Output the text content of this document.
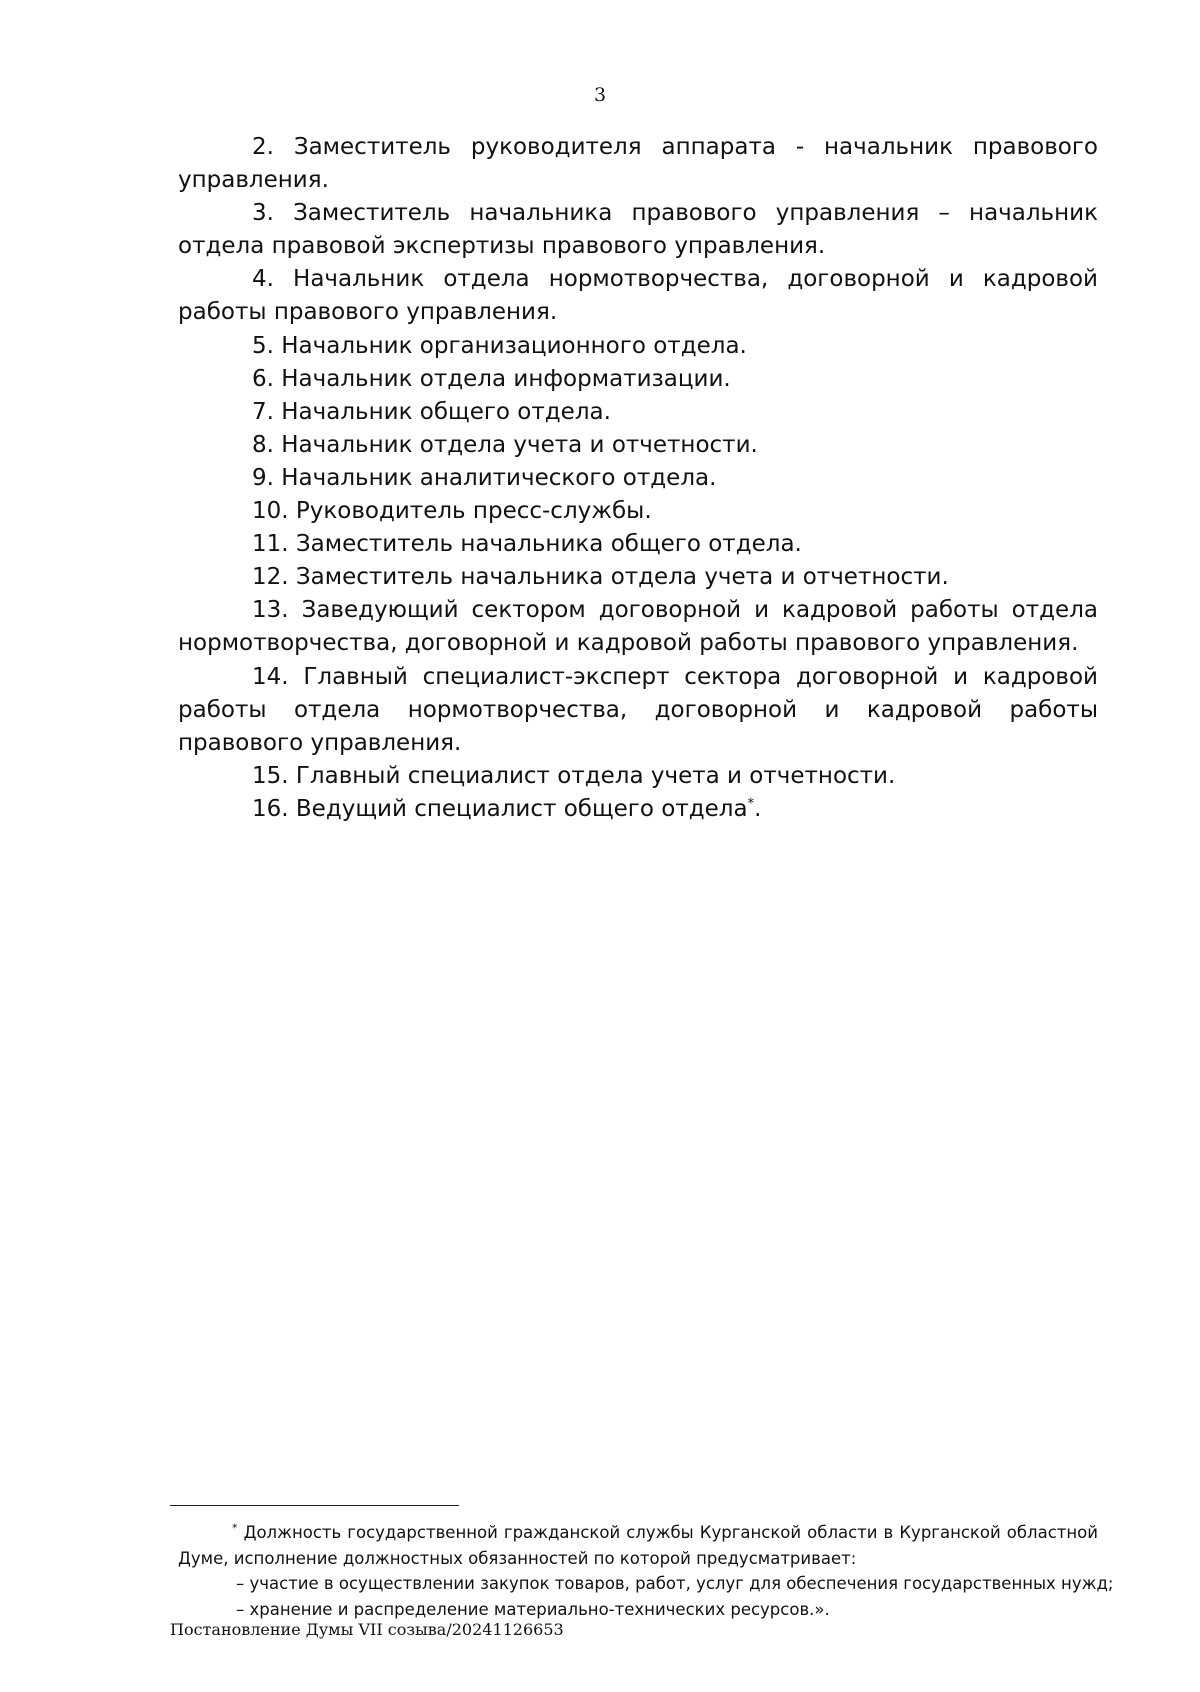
3

2. Заместитель руководителя аппарата - начальник правового управления.

3. Заместитель начальника правового управления – начальник отдела правовой экспертизы правового управления.

4. Начальник отдела нормотворчества, договорной и кадровой работы правового управления.

5. Начальник организационного отдела.

6. Начальник отдела информатизации.

7. Начальник общего отдела.

8. Начальник отдела учета и отчетности.

9. Начальник аналитического отдела.

10. Руководитель пресс-службы.

11. Заместитель начальника общего отдела.

12. Заместитель начальника отдела учета и отчетности.

13. Заведующий сектором договорной и кадровой работы отдела нормотворчества, договорной и кадровой работы правового управления.

14. Главный специалист-эксперт сектора договорной и кадровой работы отдела нормотворчества, договорной и кадровой работы правового управления.

15. Главный специалист отдела учета и отчетности.

16. Ведущий специалист общего отдела*.

* Должность государственной гражданской службы Курганской области в Курганской областной Думе, исполнение должностных обязанностей по которой предусматривает:

– участие в осуществлении закупок товаров, работ, услуг для обеспечения государственных нужд;

– хранение и распределение материально-технических ресурсов.».

Постановление Думы VII созыва/20241126653
